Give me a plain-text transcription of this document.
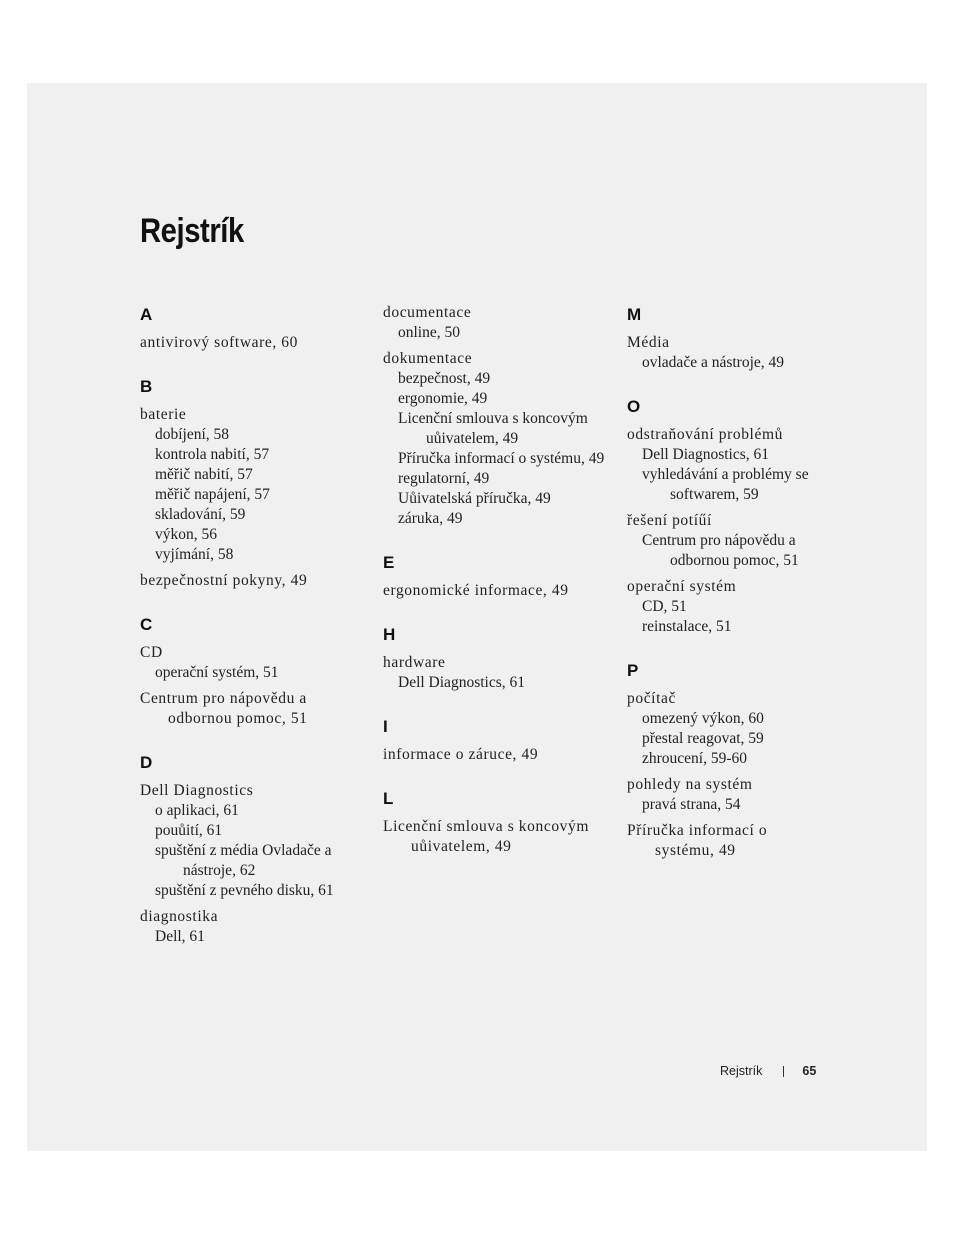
Rejstrík
A
antivirový software, 60
B
baterie
dobíjení, 58
kontrola nabití, 57
měřič nabití, 57
měřič napájení, 57
skladování, 59
výkon, 56
vyjímání, 58
bezpečnostní pokyny, 49
C
CD
operační systém, 51
Centrum pro nápovědu a odbornou pomoc, 51
D
Dell Diagnostics
o aplikaci, 61
pouůití, 61
spuštění z média Ovladače a nástroje, 62
spuštění z pevného disku, 61
diagnostika
Dell, 61
documentace
online, 50
dokumentace
bezpečnost, 49
ergonomie, 49
Licenční smlouva s koncovým uůivatelem, 49
Příručka informací o systému, 49
regulatorní, 49
Uůivatelská příručka, 49
záruka, 49
E
ergonomické informace, 49
H
hardware
Dell Diagnostics, 61
I
informace o záruce, 49
L
Licenční smlouva s koncovým uůivatelem, 49
M
Média
ovladače a nástroje, 49
O
odstraňování problémů
Dell Diagnostics, 61
vyhledávání a problémy se softwarem, 59
řešení potíűí
Centrum pro nápovědu a odbornou pomoc, 51
operační systém
CD, 51
reinstalace, 51
P
počítač
omezený výkon, 60
přestal reagovat, 59
zhroucení, 59-60
pohledy na systém
pravá strana, 54
Příručka informací o systému, 49
Rejstrík	65
